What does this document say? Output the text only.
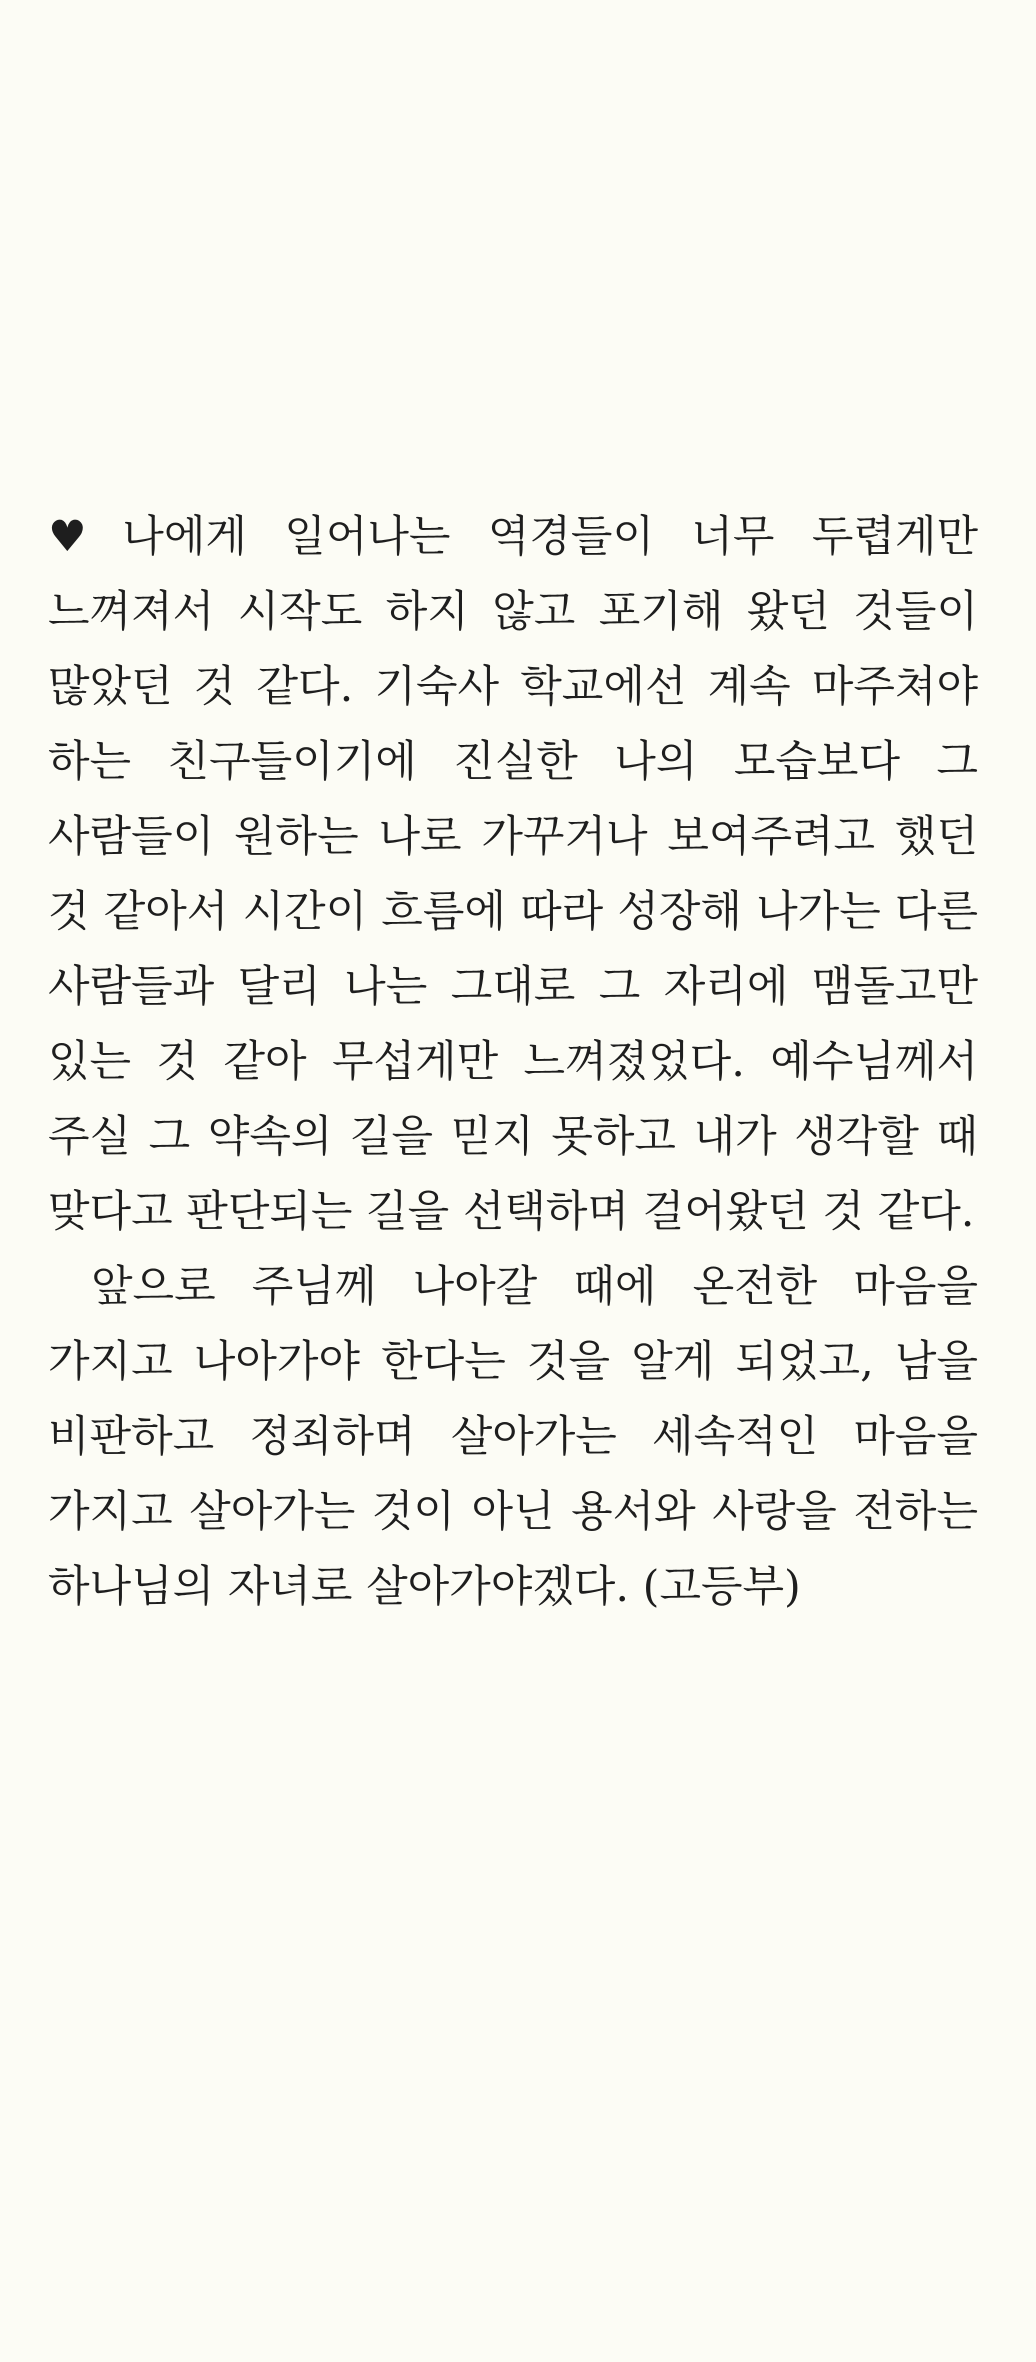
♥ 나에게 일어나는 역경들이 너무 두렵게만 느껴져서 시작도 하지 않고 포기해 왔던 것들이 많았던 것 같다. 기숙사 학교에선 계속 마주쳐야 하는 친구들이기에 진실한 나의 모습보다 그 사람들이 원하는 나로 가꾸거나 보여주려고 했던 것 같아서 시간이 흐름에 따라 성장해 나가는 다른 사람들과 달리 나는 그대로 그 자리에 맴돌고만 있는 것 같아 무섭게만 느껴졌었다. 예수님께서 주실 그 약속의 길을 믿지 못하고 내가 생각할 때 맞다고 판단되는 길을 선택하며 걸어왔던 것 같다.

앞으로 주님께 나아갈 때에 온전한 마음을 가지고 나아가야 한다는 것을 알게 되었고, 남을 비판하고 정죄하며 살아가는 세속적인 마음을 가지고 살아가는 것이 아닌 용서와 사랑을 전하는 하나님의 자녀로 살아가야겠다. (고등부)
